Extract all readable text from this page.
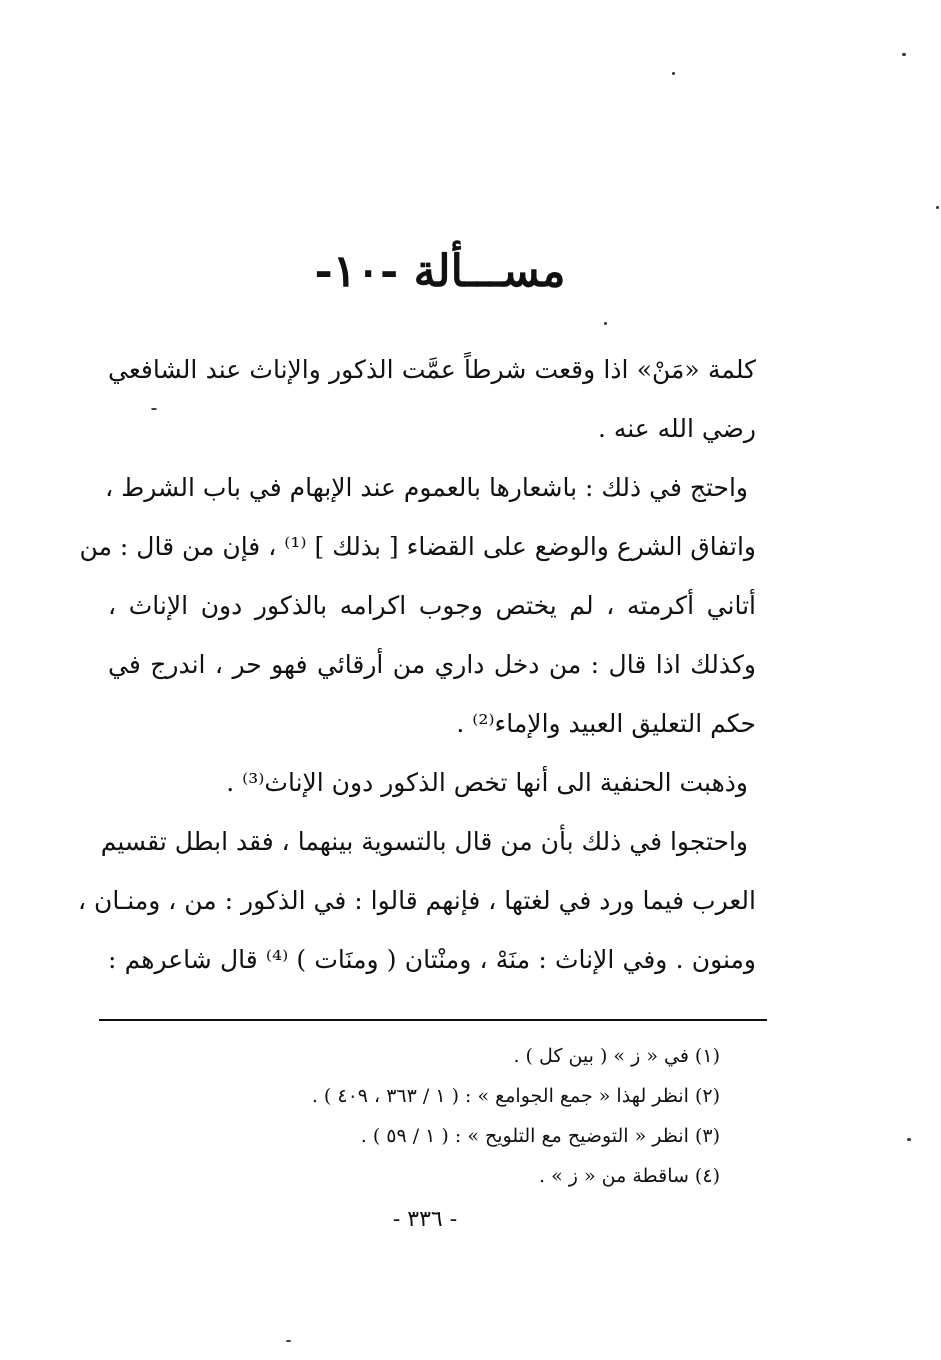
مســـألة -١٠-
كلمة «مَنْ» اذا وقعت شرطاً عمَّت الذكور والإناث عند الشافعي
رضي الله عنه .
واحتج في ذلك : باشعارها بالعموم عند الإبهام في باب الشرط ،
واتفاق الشرع والوضع على القضاء [ بذلك ] ⁽¹⁾ ، فإن من قال : من
أتاني أكرمته ، لم يختص وجوب اكرامه بالذكور دون الإناث ،
وكذلك اذا قال : من دخل داري من أرقائي فهو حر ، اندرج في
حكم التعليق العبيد والإماء⁽²⁾ .
وذهبت الحنفية الى أنها تخص الذكور دون الإناث⁽³⁾ .
واحتجوا في ذلك بأن من قال بالتسوية بينهما ، فقد ابطل تقسيم
العرب فيما ورد في لغتها ، فإنهم قالوا : في الذكور : من ، ومنـان ،
ومنون . وفي الإناث : منَهْ ، ومنْتان ( ومنَات ) ⁽⁴⁾ قال شاعرهم :
(١) في « ز » ( بين كل ) .
(٢) انظر لهذا « جمع الجوامع » : ( ١ / ٣٦٣ ، ٤٠٩ ) .
(٣) انظر « التوضيح مع التلويح » : ( ١ / ٥٩ ) .
(٤) ساقطة من « ز » .
- ٣٣٦ -
